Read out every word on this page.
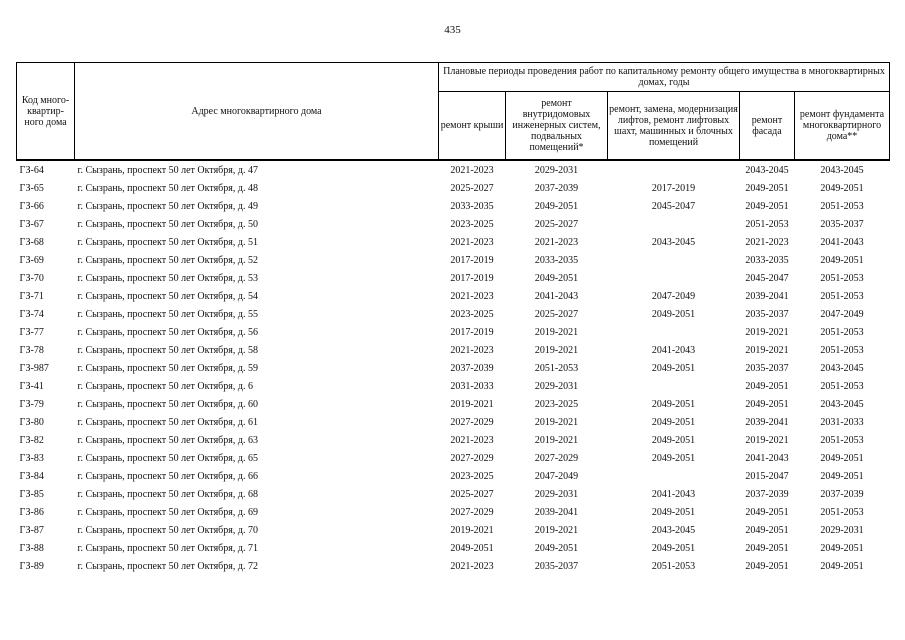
435
Код много-квартир-ного дома	Адрес многоквартирного дома	Плановые периоды проведения работ по капитальному ремонту общего имущества в многоквартирных домах, годы				
		ремонт крыши	ремонт внутридомовых инженерных систем, подвальных помещений*	ремонт, замена, модернизация лифтов, ремонт лифтовых шахт, машинных и блочных помещений	ремонт фасада	ремонт фундамента многоквартирного дома**
ГЗ-64	г. Сызрань, проспект 50 лет Октября, д. 47	2021-2023	2029-2031		2043-2045	2043-2045
ГЗ-65	г. Сызрань, проспект 50 лет Октября, д. 48	2025-2027	2037-2039	2017-2019	2049-2051	2049-2051
ГЗ-66	г. Сызрань, проспект 50 лет Октября, д. 49	2033-2035	2049-2051	2045-2047	2049-2051	2051-2053
ГЗ-67	г. Сызрань, проспект 50 лет Октября, д. 50	2023-2025	2025-2027		2051-2053	2035-2037
ГЗ-68	г. Сызрань, проспект 50 лет Октября, д. 51	2021-2023	2021-2023	2043-2045	2021-2023	2041-2043
ГЗ-69	г. Сызрань, проспект 50 лет Октября, д. 52	2017-2019	2033-2035		2033-2035	2049-2051
ГЗ-70	г. Сызрань, проспект 50 лет Октября, д. 53	2017-2019	2049-2051		2045-2047	2051-2053
ГЗ-71	г. Сызрань, проспект 50 лет Октября, д. 54	2021-2023	2041-2043	2047-2049	2039-2041	2051-2053
ГЗ-74	г. Сызрань, проспект 50 лет Октября, д. 55	2023-2025	2025-2027	2049-2051	2035-2037	2047-2049
ГЗ-77	г. Сызрань, проспект 50 лет Октября, д. 56	2017-2019	2019-2021		2019-2021	2051-2053
ГЗ-78	г. Сызрань, проспект 50 лет Октября, д. 58	2021-2023	2019-2021	2041-2043	2019-2021	2051-2053
ГЗ-987	г. Сызрань, проспект 50 лет Октября, д. 59	2037-2039	2051-2053	2049-2051	2035-2037	2043-2045
ГЗ-41	г. Сызрань, проспект 50 лет Октября, д. 6	2031-2033	2029-2031		2049-2051	2051-2053
ГЗ-79	г. Сызрань, проспект 50 лет Октября, д. 60	2019-2021	2023-2025	2049-2051	2049-2051	2043-2045
ГЗ-80	г. Сызрань, проспект 50 лет Октября, д. 61	2027-2029	2019-2021	2049-2051	2039-2041	2031-2033
ГЗ-82	г. Сызрань, проспект 50 лет Октября, д. 63	2021-2023	2019-2021	2049-2051	2019-2021	2051-2053
ГЗ-83	г. Сызрань, проспект 50 лет Октября, д. 65	2027-2029	2027-2029	2049-2051	2041-2043	2049-2051
ГЗ-84	г. Сызрань, проспект 50 лет Октября, д. 66	2023-2025	2047-2049		2015-2047	2049-2051
ГЗ-85	г. Сызрань, проспект 50 лет Октября, д. 68	2025-2027	2029-2031	2041-2043	2037-2039	2037-2039
ГЗ-86	г. Сызрань, проспект 50 лет Октября, д. 69	2027-2029	2039-2041	2049-2051	2049-2051	2051-2053
ГЗ-87	г. Сызрань, проспект 50 лет Октября, д. 70	2019-2021	2019-2021	2043-2045	2049-2051	2029-2031
ГЗ-88	г. Сызрань, проспект 50 лет Октября, д. 71	2049-2051	2049-2051	2049-2051	2049-2051	2049-2051
ГЗ-89	г. Сызрань, проспект 50 лет Октября, д. 72	2021-2023	2035-2037	2051-2053	2049-2051	2049-2051
